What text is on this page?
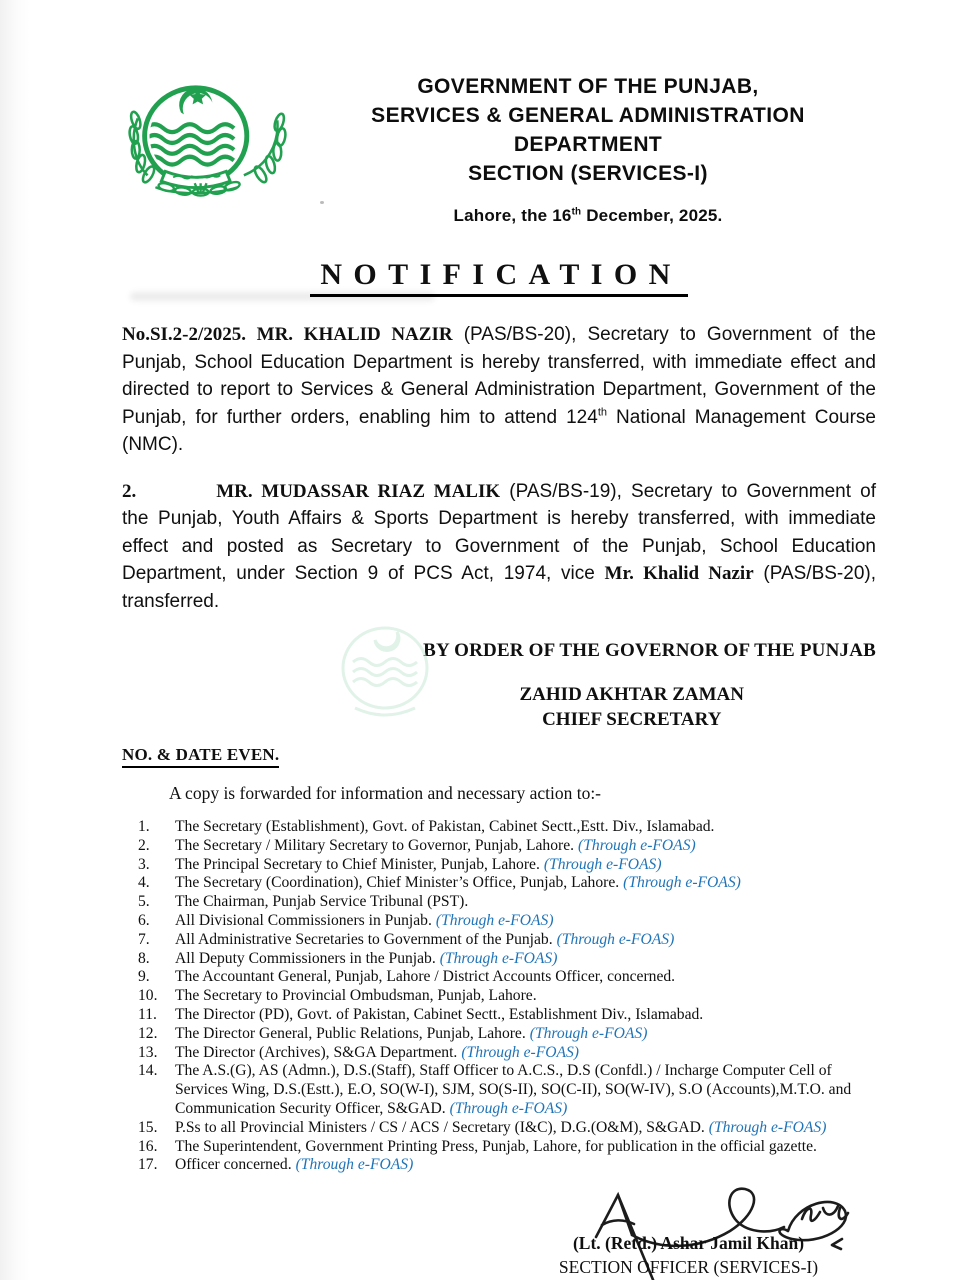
GOVERNMENT OF THE PUNJAB,
SERVICES & GENERAL ADMINISTRATION
DEPARTMENT
SECTION (SERVICES-I)
Lahore, the 16th December, 2025.
NOTIFICATION

No.SI.2-2/2025. MR. KHALID NAZIR (PAS/BS-20), Secretary to Government of the Punjab, School Education Department is hereby transferred, with immediate effect and directed to report to Services & General Administration Department, Government of the Punjab, for further orders, enabling him to attend 124th National Management Course (NMC).

2.	MR. MUDASSAR RIAZ MALIK (PAS/BS-19), Secretary to Government of the Punjab, Youth Affairs & Sports Department is hereby transferred, with immediate effect and posted as Secretary to Government of the Punjab, School Education Department, under Section 9 of PCS Act, 1974, vice Mr. Khalid Nazir (PAS/BS-20), transferred.

BY ORDER OF THE GOVERNOR OF THE PUNJAB
ZAHID AKHTAR ZAMAN
CHIEF SECRETARY
NO. & DATE EVEN.
A copy is forwarded for information and necessary action to:-
1.	The Secretary (Establishment), Govt. of Pakistan, Cabinet Sectt.,Estt. Div., Islamabad.
2.	The Secretary / Military Secretary to Governor, Punjab, Lahore. (Through e-FOAS)
3.	The Principal Secretary to Chief Minister, Punjab, Lahore. (Through e-FOAS)
4.	The Secretary (Coordination), Chief Minister’s Office, Punjab, Lahore. (Through e-FOAS)
5.	The Chairman, Punjab Service Tribunal (PST).
6.	All Divisional Commissioners in Punjab. (Through e-FOAS)
7.	All Administrative Secretaries to Government of the Punjab. (Through e-FOAS)
8.	All Deputy Commissioners in the Punjab. (Through e-FOAS)
9.	The Accountant General, Punjab, Lahore / District Accounts Officer, concerned.
10.	The Secretary to Provincial Ombudsman, Punjab, Lahore.
11.	The Director (PD), Govt. of Pakistan, Cabinet Sectt., Establishment Div., Islamabad.
12.	The Director General, Public Relations, Punjab, Lahore. (Through e-FOAS)
13.	The Director (Archives), S&GA Department. (Through e-FOAS)
14.	The A.S.(G), AS (Admn.), D.S.(Staff), Staff Officer to A.C.S., D.S (Confdl.) / Incharge Computer Cell of Services Wing, D.S.(Estt.), E.O, SO(W-I), SJM, SO(S-II), SO(C-II), SO(W-IV), S.O (Accounts),M.T.O. and Communication Security Officer, S&GAD. (Through e-FOAS)
15.	P.Ss to all Provincial Ministers / CS / ACS / Secretary (I&C), D.G.(O&M), S&GAD. (Through e-FOAS)
16.	The Superintendent, Government Printing Press, Punjab, Lahore, for publication in the official gazette.
17.	Officer concerned. (Through e-FOAS)
(Lt. (Retd.) Ashar Jamil Khan)
SECTION OFFICER (SERVICES-I)
